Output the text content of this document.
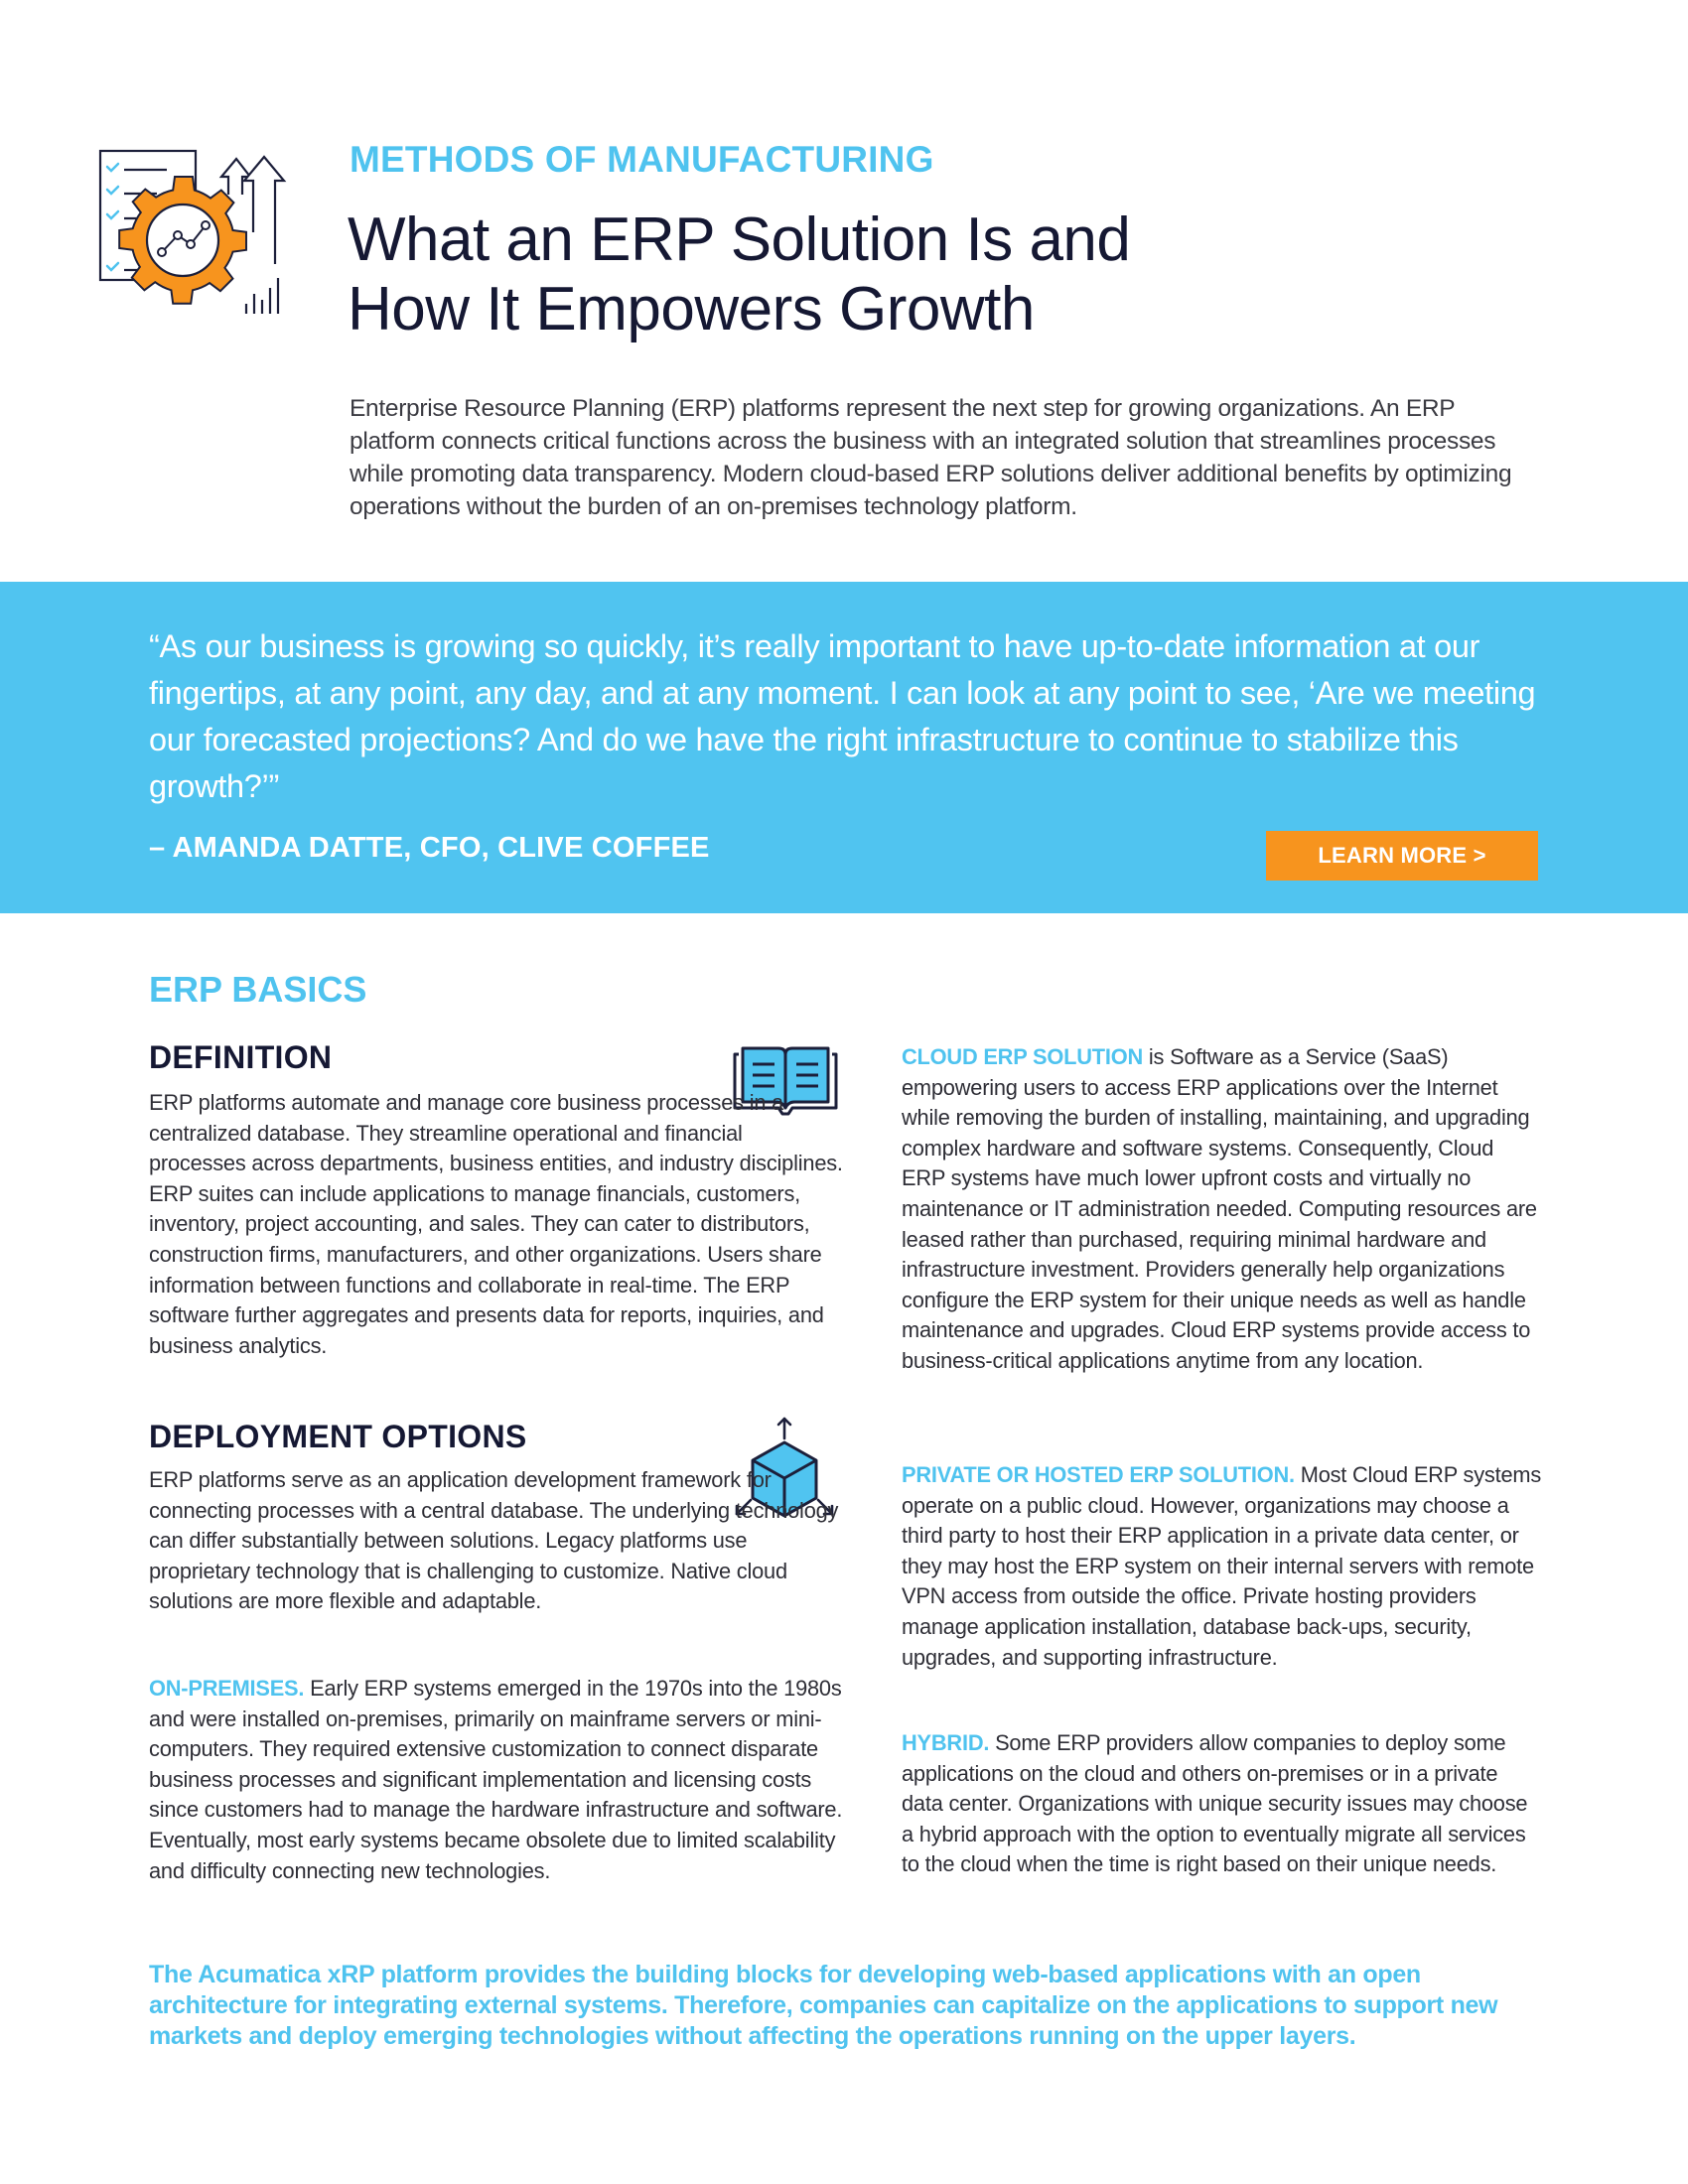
METHODS OF MANUFACTURING
What an ERP Solution Is and
How It Empowers Growth

Enterprise Resource Planning (ERP) platforms represent the next step for growing organizations. An ERP platform connects critical functions across the business with an integrated solution that streamlines processes while promoting data transparency. Modern cloud-based ERP solutions deliver additional benefits by optimizing operations without the burden of an on-premises technology platform.

“As our business is growing so quickly, it’s really important to have up-to-date information at our fingertips, at any point, any day, and at any moment. I can look at any point to see, ‘Are we meeting our forecasted projections? And do we have the right infrastructure to continue to stabilize this growth?’”

– AMANDA DATTE, CFO, CLIVE COFFEE	LEARN MORE >
ERP BASICS
DEFINITION

ERP platforms automate and manage core business processes in a centralized database. They streamline operational and financial processes across departments, business entities, and industry disciplines. ERP suites can include applications to manage financials, customers, inventory, project accounting, and sales. They can cater to distributors, construction firms, manufacturers, and other organizations. Users share information between functions and collaborate in real-time. The ERP software further aggregates and presents data for reports, inquiries, and business analytics.

DEPLOYMENT OPTIONS

ERP platforms serve as an application development framework for connecting processes with a central database. The underlying technology can differ substantially between solutions. Legacy platforms use proprietary technology that is challenging to customize. Native cloud solutions are more flexible and adaptable.

ON-PREMISES. Early ERP systems emerged in the 1970s into the 1980s and were installed on-premises, primarily on mainframe servers or mini-computers. They required extensive customization to connect disparate business processes and significant implementation and licensing costs since customers had to manage the hardware infrastructure and software. Eventually, most early systems became obsolete due to limited scalability and difficulty connecting new technologies.

CLOUD ERP SOLUTION is Software as a Service (SaaS) empowering users to access ERP applications over the Internet while removing the burden of installing, maintaining, and upgrading complex hardware and software systems. Consequently, Cloud ERP systems have much lower upfront costs and virtually no maintenance or IT administration needed. Computing resources are leased rather than purchased, requiring minimal hardware and infrastructure investment. Providers generally help organizations configure the ERP system for their unique needs as well as handle maintenance and upgrades. Cloud ERP systems provide access to business-critical applications anytime from any location.

PRIVATE OR HOSTED ERP SOLUTION. Most Cloud ERP systems operate on a public cloud. However, organizations may choose a third party to host their ERP application in a private data center, or they may host the ERP system on their internal servers with remote VPN access from outside the office. Private hosting providers manage application installation, database back-ups, security, upgrades, and supporting infrastructure.

HYBRID. Some ERP providers allow companies to deploy some applications on the cloud and others on-premises or in a private data center. Organizations with unique security issues may choose a hybrid approach with the option to eventually migrate all services to the cloud when the time is right based on their unique needs.

The Acumatica xRP platform provides the building blocks for developing web-based applications with an open architecture for integrating external systems. Therefore, companies can capitalize on the applications to support new markets and deploy emerging technologies without affecting the operations running on the upper layers.
